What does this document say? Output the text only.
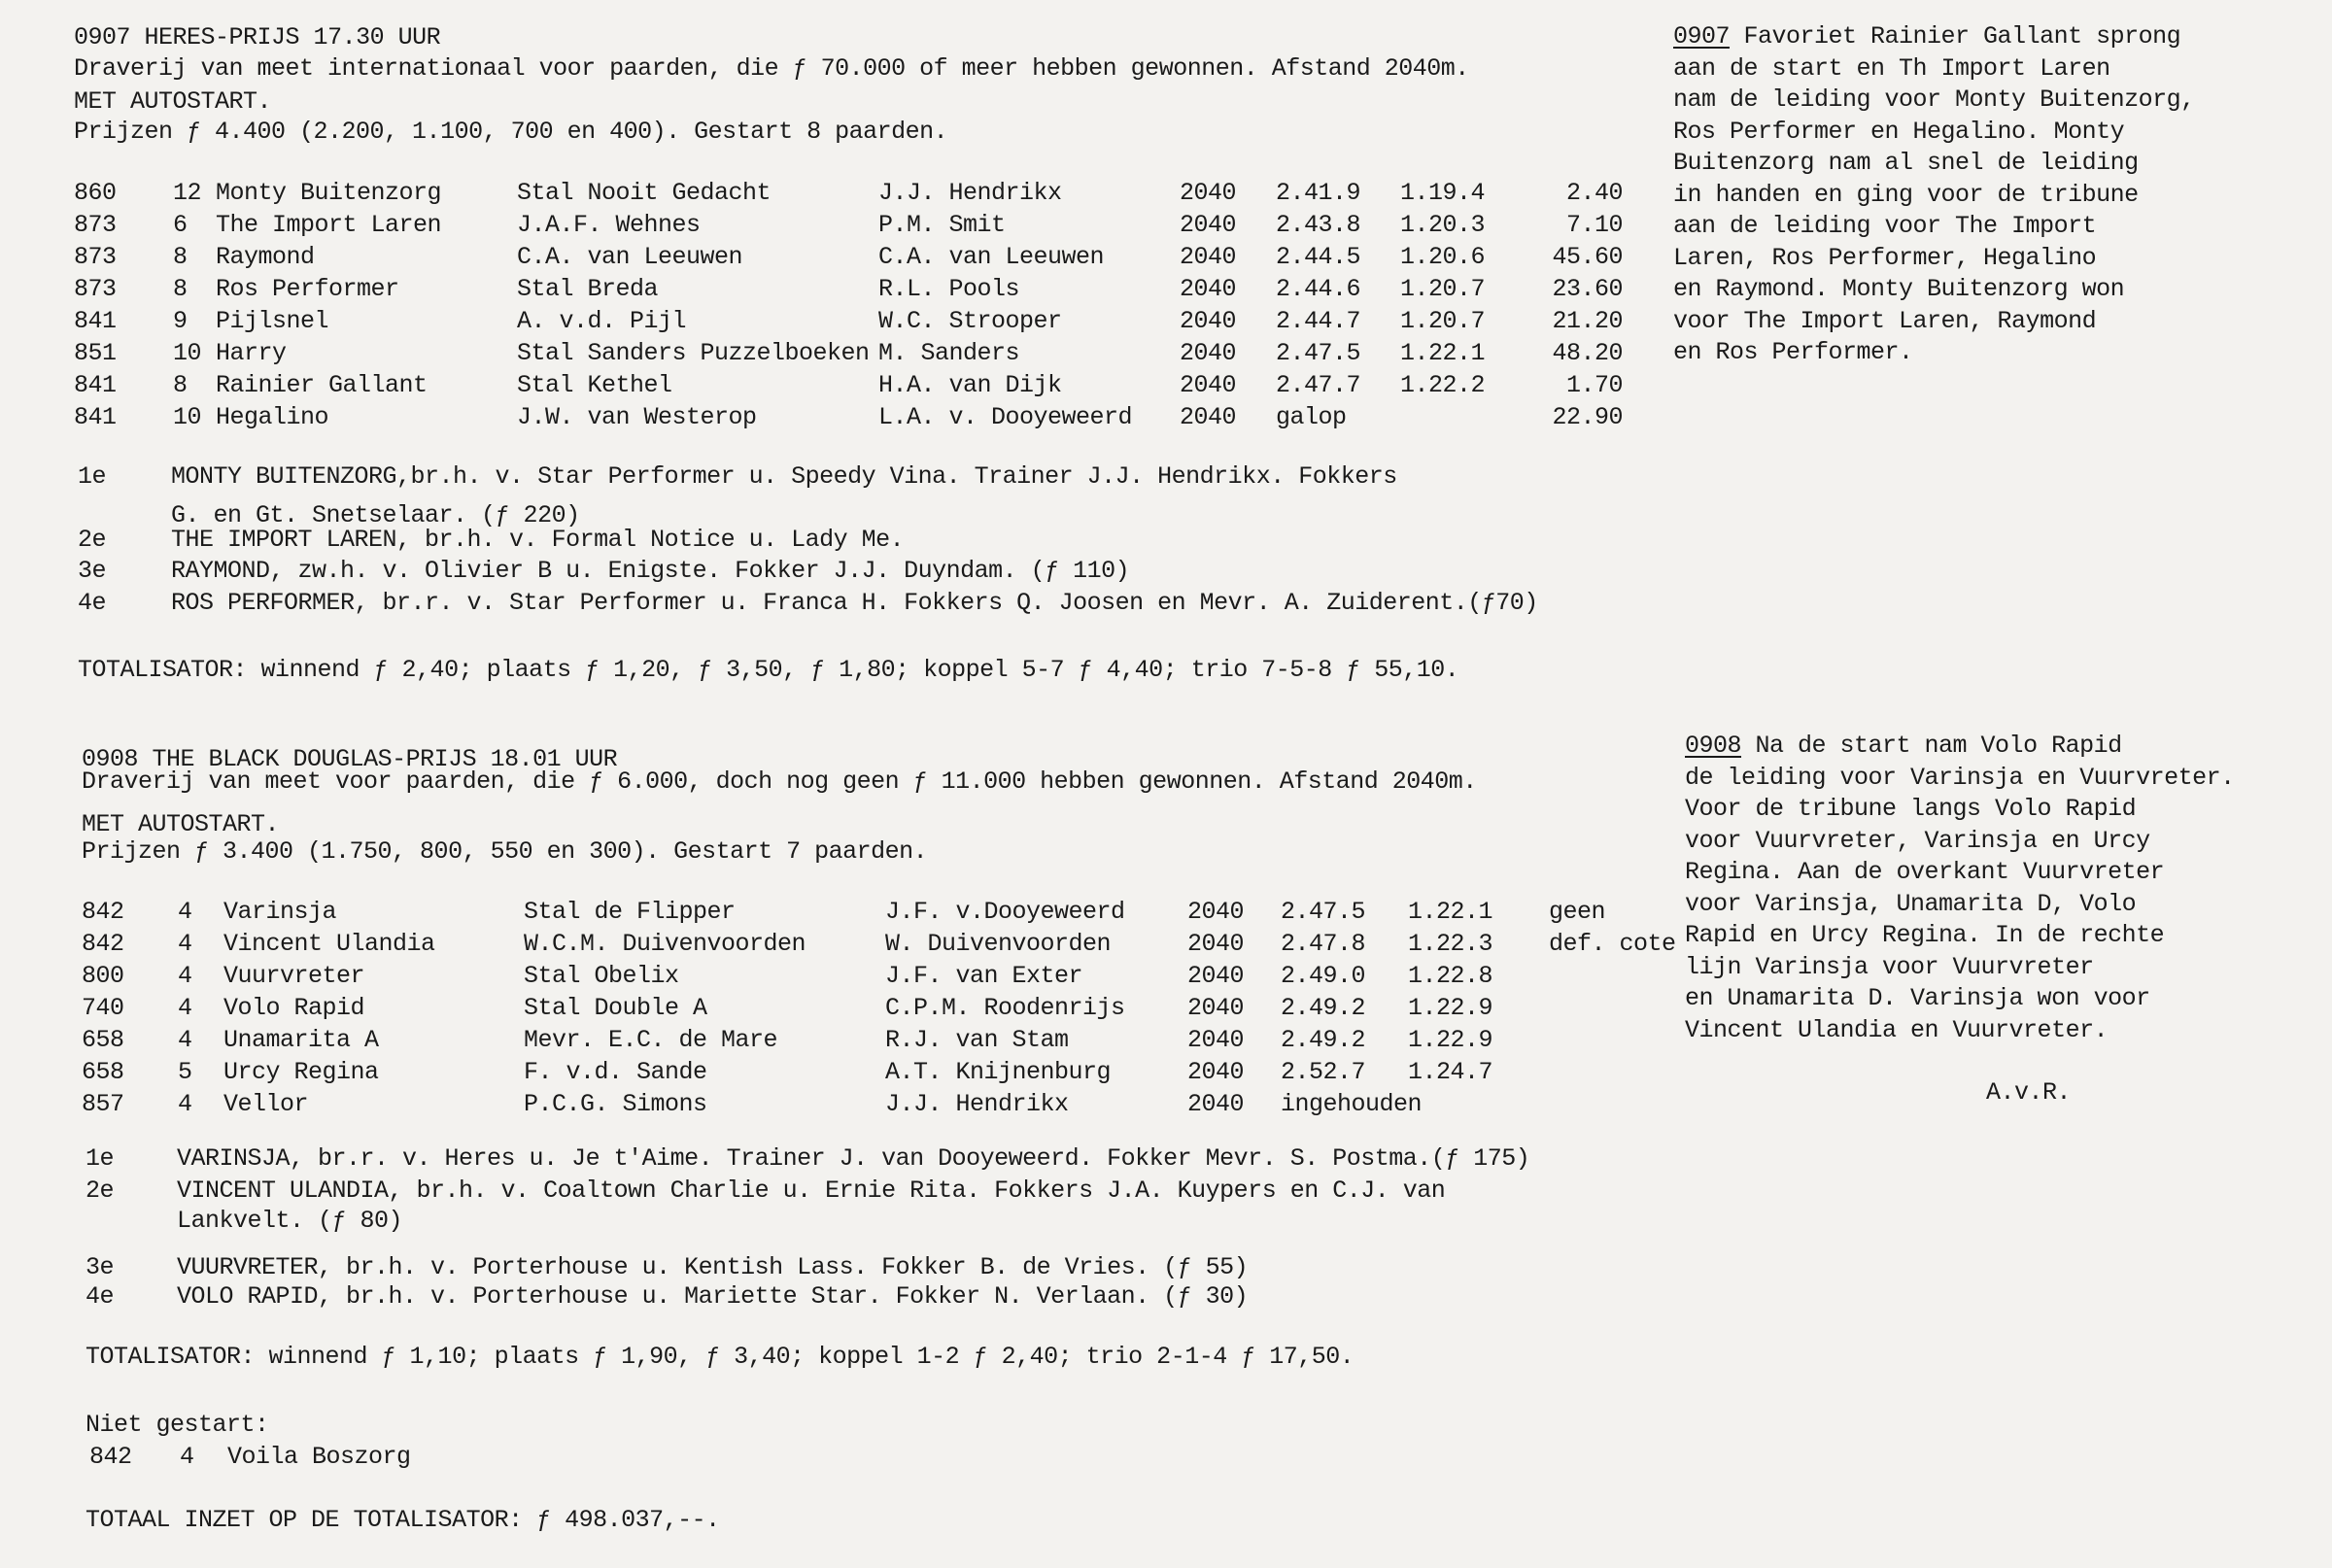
0907 HERES-PRIJS 17.30 UUR
Draverij van meet internationaal voor paarden, die ƒ 70.000 of meer hebben gewonnen. Afstand 2040m.
MET AUTOSTART.
Prijzen ƒ 4.400 (2.200, 1.100, 700 en 400). Gestart 8 paarden.
860 12 Monty Buitenzorg	Stal Nooit Gedacht	J.J. Hendrikx	2040 2.41.9 1.19.4	2.40
873 6 The Import Laren	J.A.F. Wehnes	P.M. Smit	2040 2.43.8 1.20.3	7.10
873 8 Raymond	C.A. van Leeuwen	C.A. van Leeuwen	2040 2.44.5 1.20.6	45.60
873 8 Ros Performer	Stal Breda	R.L. Pools	2040 2.44.6 1.20.7	23.60
841 9 Pijlsnel	A. v.d. Pijl	W.C. Strooper	2040 2.44.7 1.20.7	21.20
851 10 Harry	Stal Sanders Puzzelboeken M. Sanders	2040 2.47.5 1.22.1	48.20
841 8 Rainier Gallant	Stal Kethel	H.A. van Dijk	2040 2.47.7 1.22.2	1.70
841 10 Hegalino	J.W. van Westerop	L.A. v. Dooyeweerd 2040 galop	22.90
1e	MONTY BUITENZORG,br.h. v. Star Performer u. Speedy Vina. Trainer J.J. Hendrikx. Fokkers
G. en Gt. Snetselaar. (ƒ 220)
2e	THE IMPORT LAREN, br.h. v. Formal Notice u. Lady Me.
3e	RAYMOND, zw.h. v. Olivier B u. Enigste. Fokker J.J. Duyndam. (ƒ 110)
4e	ROS PERFORMER, br.r. v. Star Performer u. Franca H. Fokkers Q. Joosen en Mevr. A. Zuiderent.(ƒ70)
TOTALISATOR: winnend ƒ 2,40; plaats ƒ 1,20, ƒ 3,50, ƒ 1,80; koppel 5-7 ƒ 4,40; trio 7-5-8 ƒ 55,10.
0907 Favoriet Rainier Gallant sprong
aan de start en Th Import Laren
nam de leiding voor Monty Buitenzorg,
Ros Performer en Hegalino. Monty
Buitenzorg nam al snel de leiding
in handen en ging voor de tribune
aan de leiding voor The Import
Laren, Ros Performer, Hegalino
en Raymond. Monty Buitenzorg won
voor The Import Laren, Raymond
en Ros Performer.
0908 THE BLACK DOUGLAS-PRIJS 18.01 UUR
Draverij van meet voor paarden, die ƒ 6.000, doch nog geen ƒ 11.000 hebben gewonnen. Afstand 2040m.
MET AUTOSTART.
Prijzen ƒ 3.400 (1.750, 800, 550 en 300). Gestart 7 paarden.
842 4 Varinsja	Stal de Flipper	J.F. v.Dooyeweerd	2040 2.47.5 1.22.1 geen
842 4 Vincent Ulandia	W.C.M. Duivenvoorden	W. Duivenvoorden	2040 2.47.8 1.22.3 def. cote
800 4 Vuurvreter	Stal Obelix	J.F. van Exter	2040 2.49.0 1.22.8
740 4 Volo Rapid	Stal Double A	C.P.M. Roodenrijs	2040 2.49.2 1.22.9
658 4 Unamarita A	Mevr. E.C. de Mare	R.J. van Stam	2040 2.49.2 1.22.9
658 5 Urcy Regina	F. v.d. Sande	A.T. Knijnenburg	2040 2.52.7 1.24.7
857 4 Vellor	P.C.G. Simons	J.J. Hendrikx	2040 ingehouden
1e	VARINSJA, br.r. v. Heres u. Je t'Aime. Trainer J. van Dooyeweerd. Fokker Mevr. S. Postma.(ƒ 175)
2e	VINCENT ULANDIA, br.h. v. Coaltown Charlie u. Ernie Rita. Fokkers J.A. Kuypers en C.J. van
Lankvelt. (ƒ 80)
3e	VUURVRETER, br.h. v. Porterhouse u. Kentish Lass. Fokker B. de Vries. (ƒ 55)
4e	VOLO RAPID, br.h. v. Porterhouse u. Mariette Star. Fokker N. Verlaan. (ƒ 30)
TOTALISATOR: winnend ƒ 1,10; plaats ƒ 1,90, ƒ 3,40; koppel 1-2 ƒ 2,40; trio 2-1-4 ƒ 17,50.
0908 Na de start nam Volo Rapid
de leiding voor Varinsja en Vuurvreter.
Voor de tribune langs Volo Rapid
voor Vuurvreter, Varinsja en Urcy
Regina. Aan de overkant Vuurvreter
voor Varinsja, Unamarita D, Volo
Rapid en Urcy Regina. In de rechte
lijn Varinsja voor Vuurvreter
en Unamarita D. Varinsja won voor
Vincent Ulandia en Vuurvreter.
A.v.R.
Niet gestart:
842 4 Voila Boszorg
TOTAAL INZET OP DE TOTALISATOR: ƒ 498.037,--.
